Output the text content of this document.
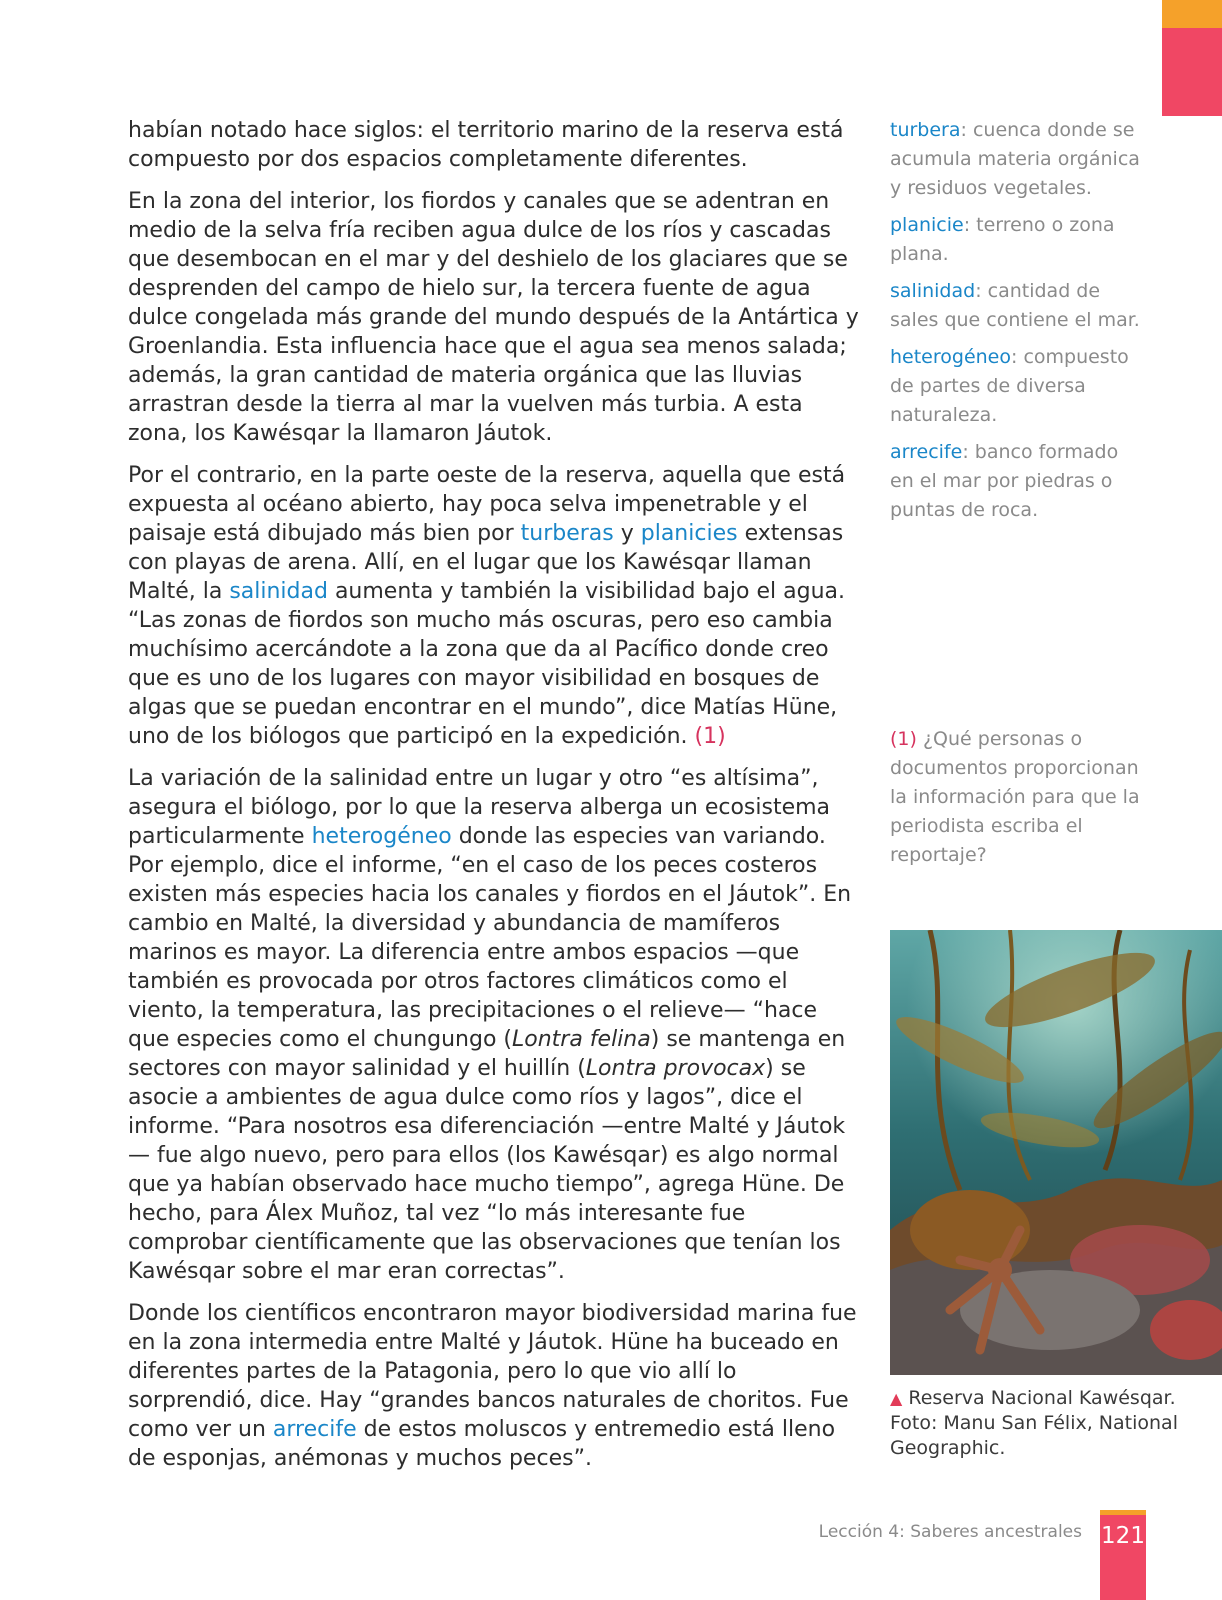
habían notado hace siglos: el territorio marino de la reserva está compuesto por dos espacios completamente diferentes.

En la zona del interior, los fiordos y canales que se adentran en medio de la selva fría reciben agua dulce de los ríos y cascadas que desembocan en el mar y del deshielo de los glaciares que se desprenden del campo de hielo sur, la tercera fuente de agua dulce congelada más grande del mundo después de la Antártica y Groenlandia. Esta influencia hace que el agua sea menos salada; además, la gran cantidad de materia orgánica que las lluvias arrastran desde la tierra al mar la vuelven más turbia. A esta zona, los Kawésqar la llamaron Jáutok.

Por el contrario, en la parte oeste de la reserva, aquella que está expuesta al océano abierto, hay poca selva impenetrable y el paisaje está dibujado más bien por turberas y planicies extensas con playas de arena. Allí, en el lugar que los Kawésqar llaman Malté, la salinidad aumenta y también la visibilidad bajo el agua. “Las zonas de fiordos son mucho más oscuras, pero eso cambia muchísimo acercándote a la zona que da al Pacífico donde creo que es uno de los lugares con mayor visibilidad en bosques de algas que se puedan encontrar en el mundo”, dice Matías Hüne, uno de los biólogos que participó en la expedición. (1)

La variación de la salinidad entre un lugar y otro “es altísima”, asegura el biólogo, por lo que la reserva alberga un ecosistema particularmente heterogéneo donde las especies van variando. Por ejemplo, dice el informe, “en el caso de los peces costeros existen más especies hacia los canales y fiordos en el Jáutok”. En cambio en Malté, la diversidad y abundancia de mamíferos marinos es mayor. La diferencia entre ambos espacios —que también es provocada por otros factores climáticos como el viento, la temperatura, las precipitaciones o el relieve— “hace que especies como el chungungo (Lontra felina) se mantenga en sectores con mayor salinidad y el huillín (Lontra provocax) se asocie a ambientes de agua dulce como ríos y lagos”, dice el informe. “Para nosotros esa diferenciación —entre Malté y Jáutok— fue algo nuevo, pero para ellos (los Kawésqar) es algo normal que ya habían observado hace mucho tiempo”, agrega Hüne. De hecho, para Álex Muñoz, tal vez “lo más interesante fue comprobar científicamente que las observaciones que tenían los Kawésqar sobre el mar eran correctas”.

Donde los científicos encontraron mayor biodiversidad marina fue en la zona intermedia entre Malté y Jáutok. Hüne ha buceado en diferentes partes de la Patagonia, pero lo que vio allí lo sorprendió, dice. Hay “grandes bancos naturales de choritos. Fue como ver un arrecife de estos moluscos y entremedio está lleno de esponjas, anémonas y muchos peces”.

turbera: cuenca donde se acumula materia orgánica y residuos vegetales.

planicie: terreno o zona plana.

salinidad: cantidad de sales que contiene el mar.

heterogéneo: compuesto de partes de diversa naturaleza.

arrecife: banco formado en el mar por piedras o puntas de roca.

(1) ¿Qué personas o documentos proporcionan la información para que la periodista escriba el reportaje?
▲ Reserva Nacional Kawésqar. Foto: Manu San Félix, National Geographic.
Lección 4: Saberes ancestrales 121
